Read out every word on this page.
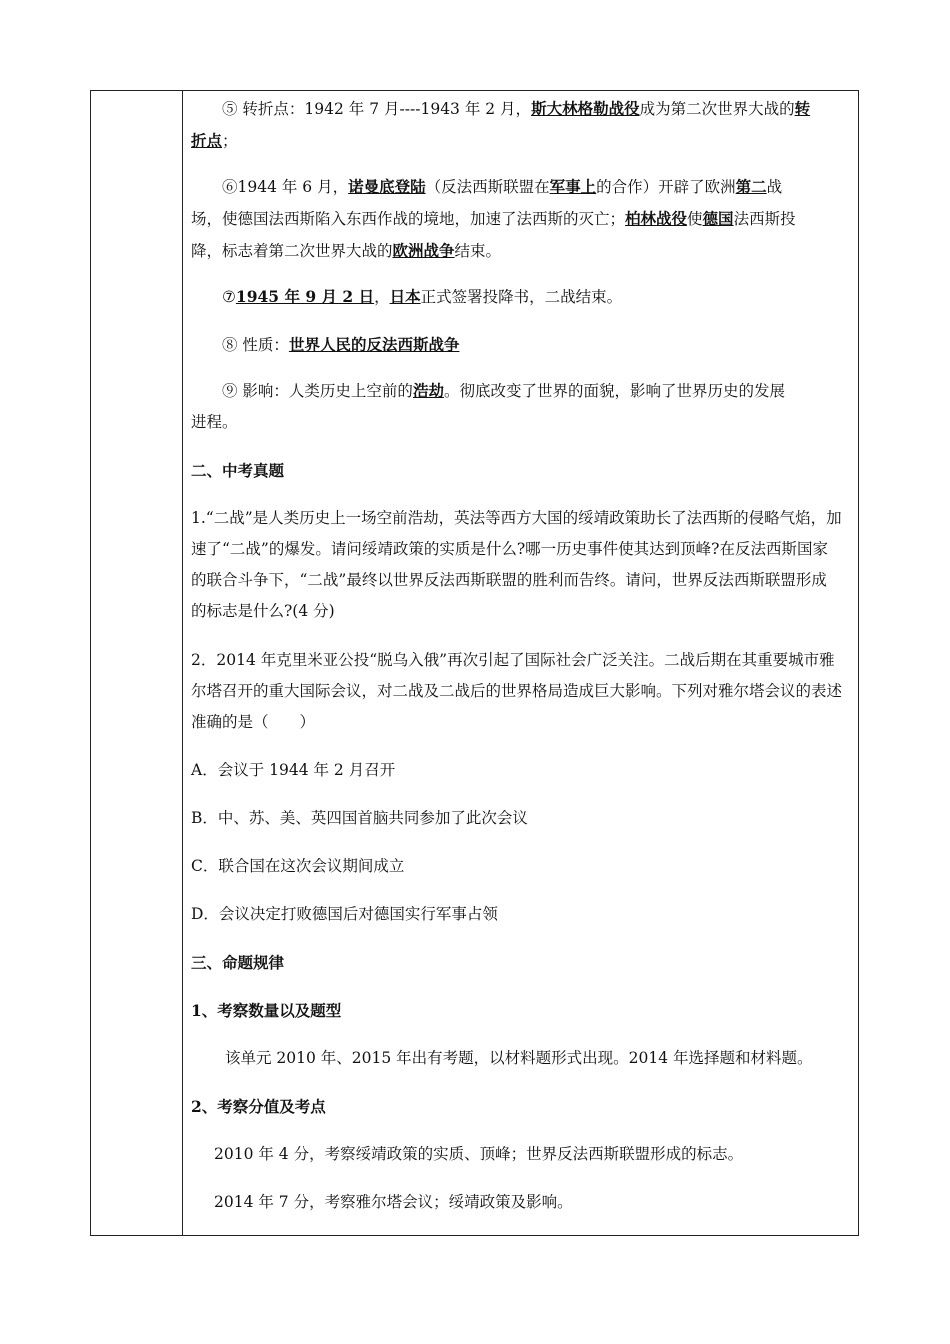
⑤ 转折点：1942 年 7 月----1943 年 2 月，斯大林格勒战役成为第二次世界大战的转
折点；

⑥1944 年 6 月，诺曼底登陆（反法西斯联盟在军事上的合作）开辟了欧洲第二战
场，使德国法西斯陷入东西作战的境地，加速了法西斯的灭亡；柏林战役使德国法西斯投
降，标志着第二次世界大战的欧洲战争结束。

⑦1945 年 9 月 2 日，日本正式签署投降书，二战结束。

⑧ 性质：世界人民的反法西斯战争

⑨ 影响：人类历史上空前的浩劫。彻底改变了世界的面貌，影响了世界历史的发展
进程。

二、中考真题

1.“二战”是人类历史上一场空前浩劫，英法等西方大国的绥靖政策助长了法西斯的侵略气焰，加速了“二战”的爆发。请问绥靖政策的实质是什么?哪一历史事件使其达到顶峰?在反法西斯国家的联合斗争下，“二战”最终以世界反法西斯联盟的胜利而告终。请问，世界反法西斯联盟形成的标志是什么?(4 分)

2．2014 年克里米亚公投“脱乌入俄”再次引起了国际社会广泛关注。二战后期在其重要城市雅尔塔召开的重大国际会议，对二战及二战后的世界格局造成巨大影响。下列对雅尔塔会议的表述准确的是（　　）

A．会议于 1944 年 2 月召开

B．中、苏、美、英四国首脑共同参加了此次会议

C．联合国在这次会议期间成立

D．会议决定打败德国后对德国实行军事占领

三、命题规律

1、考察数量以及题型

该单元 2010 年、2015 年出有考题，以材料题形式出现。2014 年选择题和材料题。

2、考察分值及考点

2010 年 4 分，考察绥靖政策的实质、顶峰；世界反法西斯联盟形成的标志。

2014 年 7 分，考察雅尔塔会议；绥靖政策及影响。
